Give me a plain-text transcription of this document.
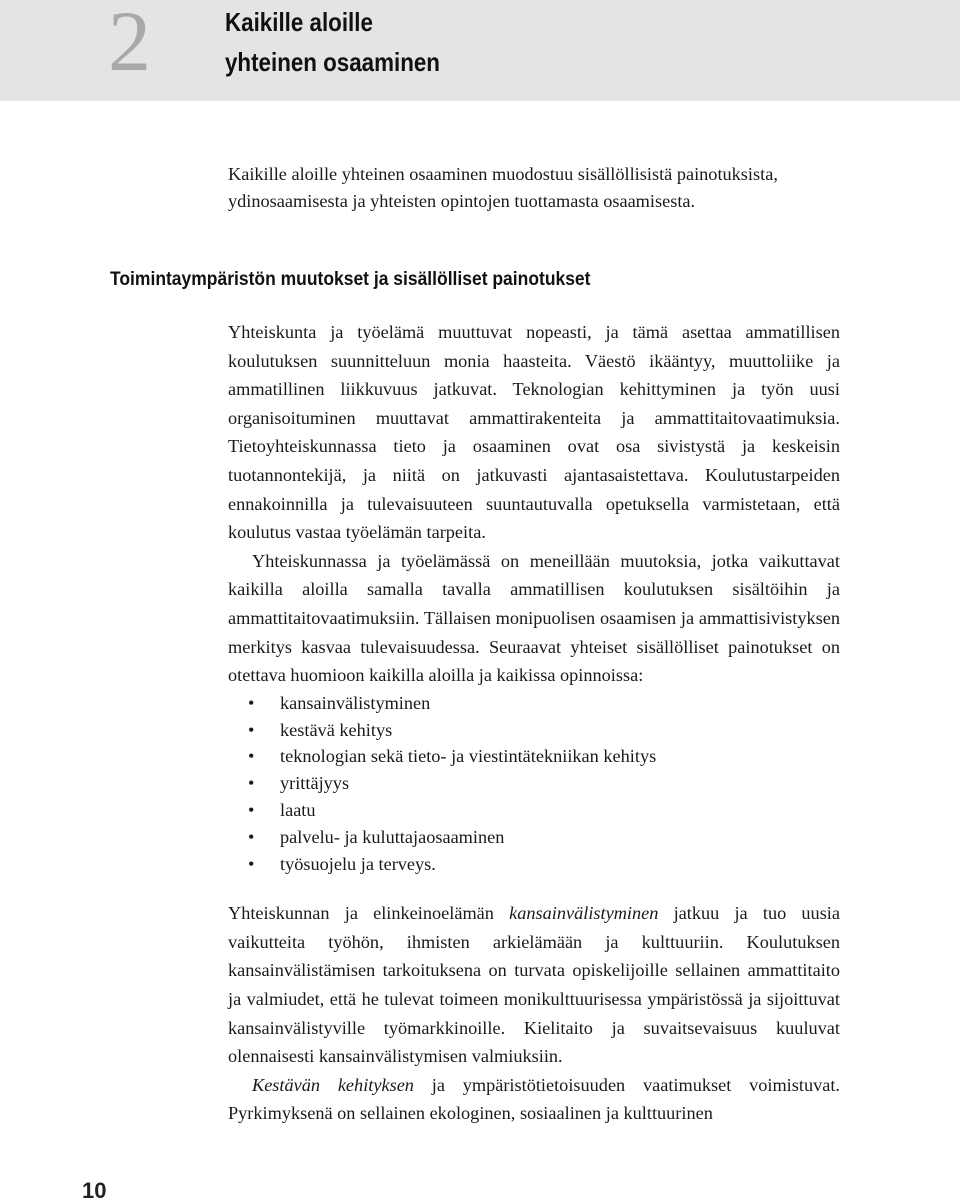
2	Kaikille aloille
yhteinen osaaminen

Kaikille aloille yhteinen osaaminen muodostuu sisällöllisistä painotuksista, ydinosaamisesta ja yhteisten opintojen tuottamasta osaamisesta.

Toimintaympäristön muutokset ja sisällölliset painotukset

Yhteiskunta ja työelämä muuttuvat nopeasti, ja tämä asettaa ammatillisen koulutuksen suunnitteluun monia haasteita. Väestö ikääntyy, muuttoliike ja ammatillinen liikkuvuus jatkuvat. Teknologian kehittyminen ja työn uusi organisoituminen muuttavat ammattirakenteita ja ammattitaitovaatimuksia. Tietoyhteiskunnassa tieto ja osaaminen ovat osa sivistystä ja keskeisin tuotannontekijä, ja niitä on jatkuvasti ajantasaistettava. Koulutustarpeiden ennakoinnilla ja tulevaisuuteen suuntautuvalla opetuksella varmistetaan, että koulutus vastaa työelämän tarpeita.

Yhteiskunnassa ja työelämässä on meneillään muutoksia, jotka vaikuttavat kaikilla aloilla samalla tavalla ammatillisen koulutuksen sisältöihin ja ammattitaitovaatimuksiin. Tällaisen monipuolisen osaamisen ja ammattisivistyksen merkitys kasvaa tulevaisuudessa. Seuraavat yhteiset sisällölliset painotukset on otettava huomioon kaikilla aloilla ja kaikissa opinnoissa:

• kansainvälistyminen
• kestävä kehitys
• teknologian sekä tieto- ja viestintätekniikan kehitys
• yrittäjyys
• laatu
• palvelu- ja kuluttajaosaaminen
• työsuojelu ja terveys.

Yhteiskunnan ja elinkeinoelämän kansainvälistyminen jatkuu ja tuo uusia vaikutteita työhön, ihmisten arkielämään ja kulttuuriin. Koulutuksen kansainvälistämisen tarkoituksena on turvata opiskelijoille sellainen ammattitaito ja valmiudet, että he tulevat toimeen monikulttuurisessa ympäristössä ja sijoittuvat kansainvälistyville työmarkkinoille. Kielitaito ja suvaitsevaisuus kuuluvat olennaisesti kansainvälistymisen valmiuksiin.

Kestävän kehityksen ja ympäristötietoisuuden vaatimukset voimistuvat. Pyrkimyksenä on sellainen ekologinen, sosiaalinen ja kulttuurinen

10
